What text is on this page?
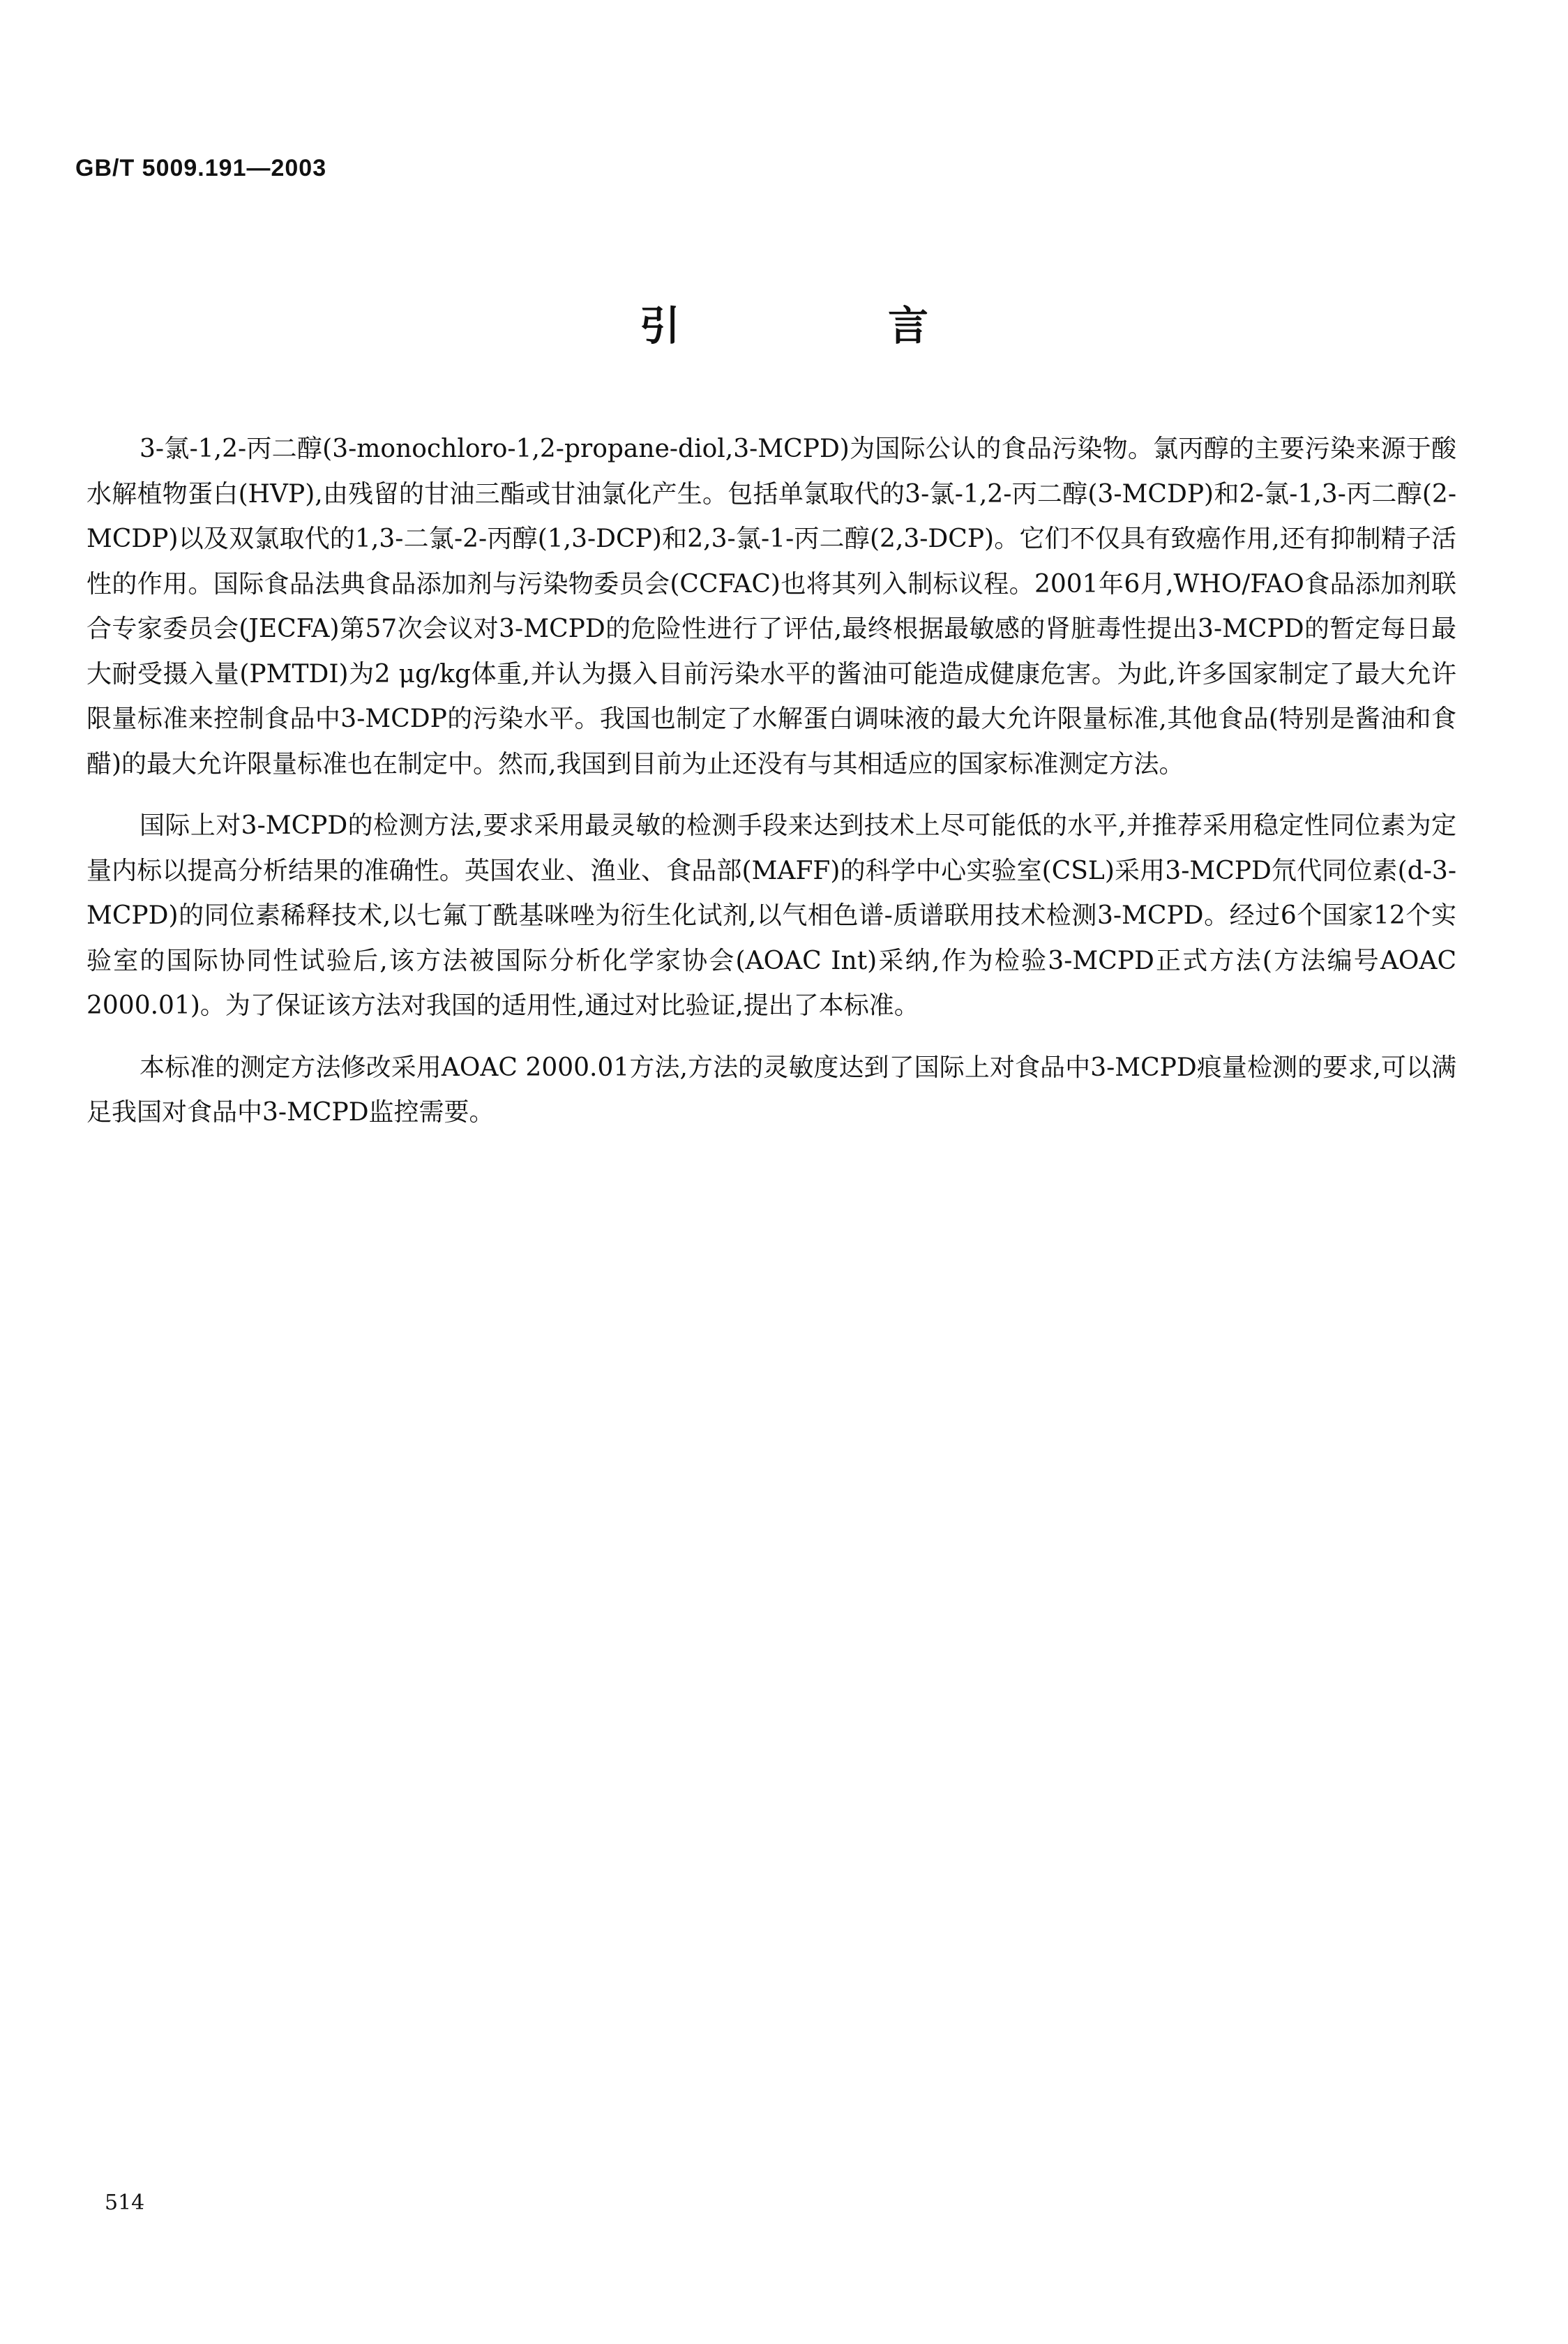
GB/T 5009.191—2003
引　言

3-氯-1,2-丙二醇(3-monochloro-1,2-propane-diol,3-MCPD)为国际公认的食品污染物。氯丙醇的主要污染来源于酸水解植物蛋白(HVP),由残留的甘油三酯或甘油氯化产生。包括单氯取代的3-氯-1,2-丙二醇(3-MCDP)和2-氯-1,3-丙二醇(2-MCDP)以及双氯取代的1,3-二氯-2-丙醇(1,3-DCP)和2,3-氯-1-丙二醇(2,3-DCP)。它们不仅具有致癌作用,还有抑制精子活性的作用。国际食品法典食品添加剂与污染物委员会(CCFAC)也将其列入制标议程。2001年6月,WHO/FAO食品添加剂联合专家委员会(JECFA)第57次会议对3-MCPD的危险性进行了评估,最终根据最敏感的肾脏毒性提出3-MCPD的暂定每日最大耐受摄入量(PMTDI)为2 μg/kg体重,并认为摄入目前污染水平的酱油可能造成健康危害。为此,许多国家制定了最大允许限量标准来控制食品中3-MCDP的污染水平。我国也制定了水解蛋白调味液的最大允许限量标准,其他食品(特别是酱油和食醋)的最大允许限量标准也在制定中。然而,我国到目前为止还没有与其相适应的国家标准测定方法。

国际上对3-MCPD的检测方法,要求采用最灵敏的检测手段来达到技术上尽可能低的水平,并推荐采用稳定性同位素为定量内标以提高分析结果的准确性。英国农业、渔业、食品部(MAFF)的科学中心实验室(CSL)采用3-MCPD氘代同位素(d-3-MCPD)的同位素稀释技术,以七氟丁酰基咪唑为衍生化试剂,以气相色谱-质谱联用技术检测3-MCPD。经过6个国家12个实验室的国际协同性试验后,该方法被国际分析化学家协会(AOAC Int)采纳,作为检验3-MCPD正式方法(方法编号AOAC 2000.01)。为了保证该方法对我国的适用性,通过对比验证,提出了本标准。

本标准的测定方法修改采用AOAC 2000.01方法,方法的灵敏度达到了国际上对食品中3-MCPD痕量检测的要求,可以满足我国对食品中3-MCPD监控需要。

514
